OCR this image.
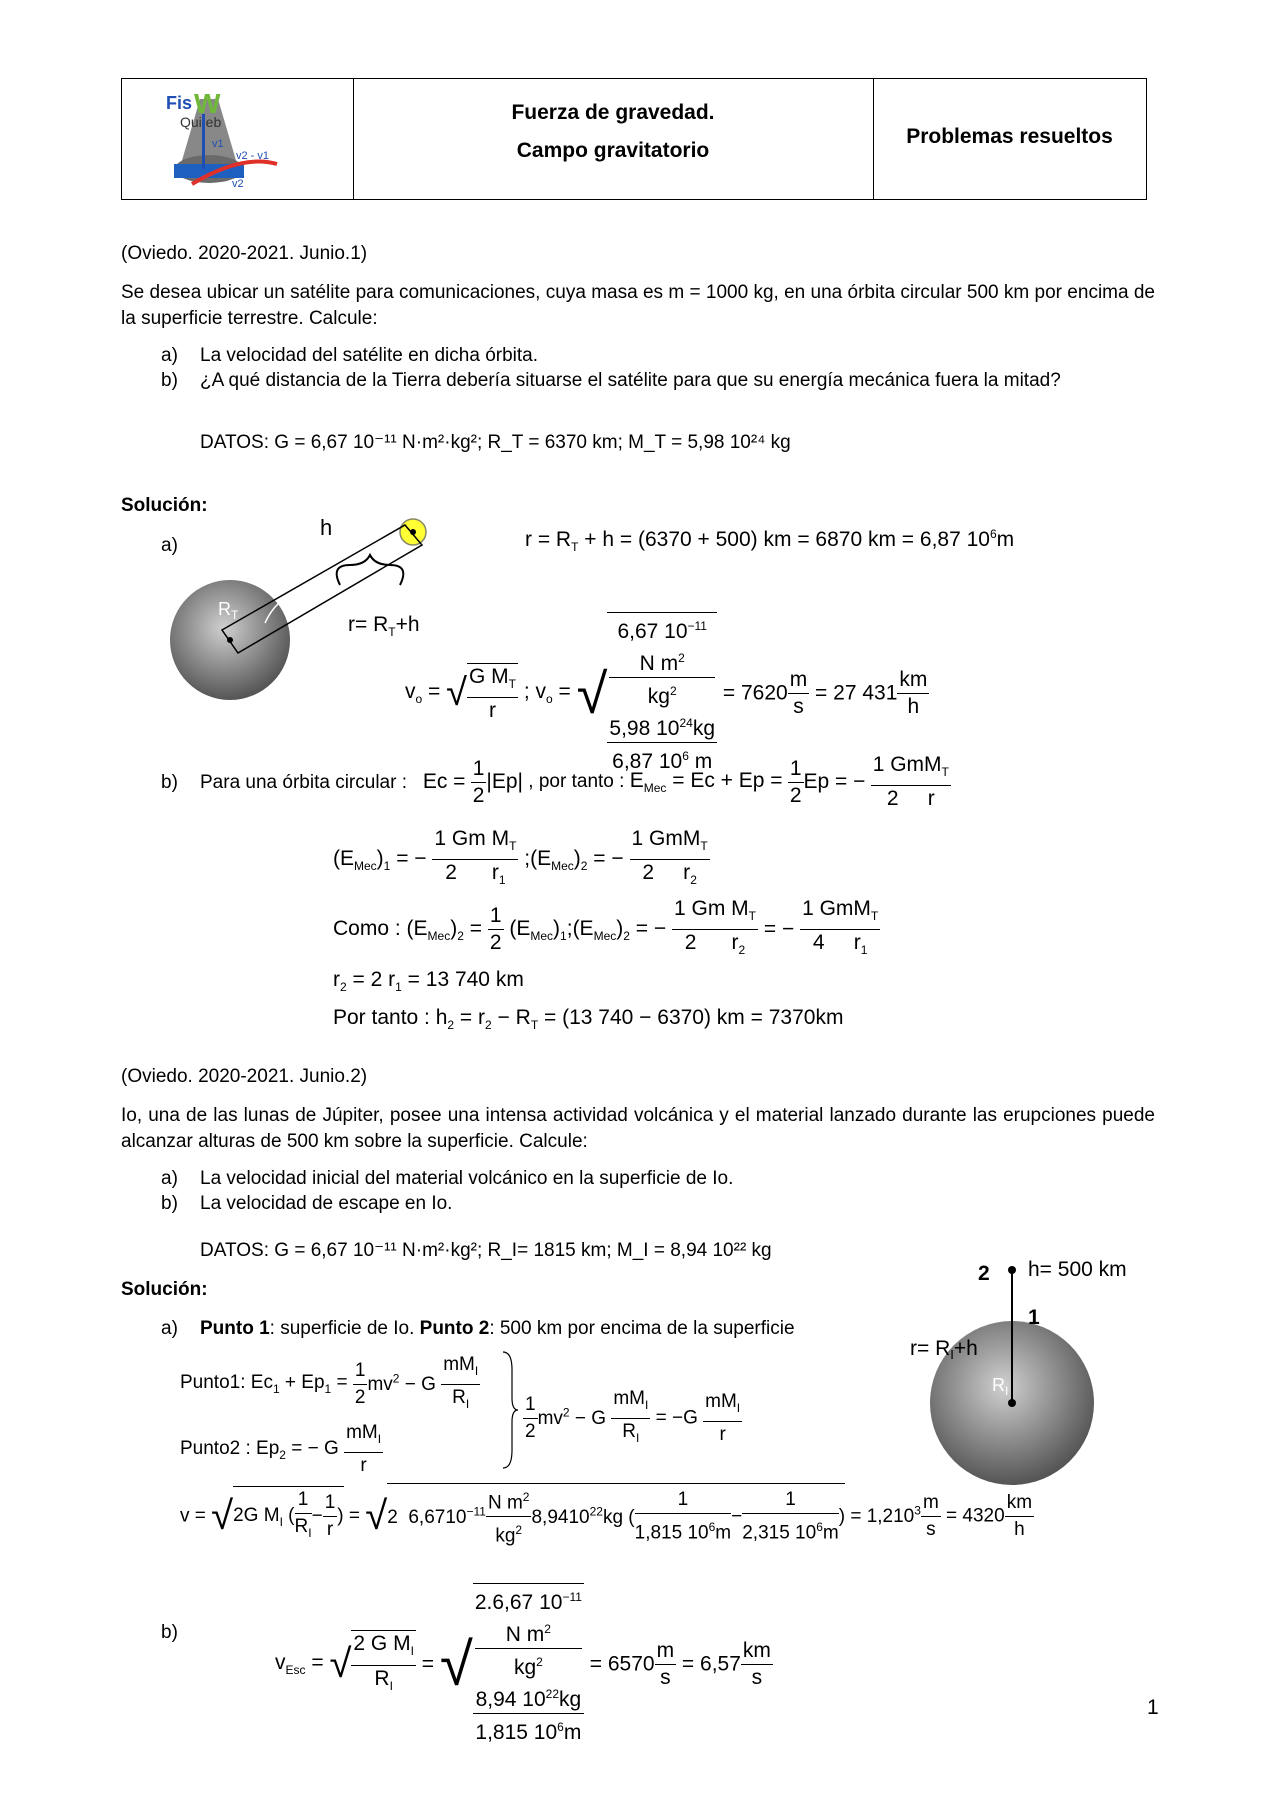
Fis W
Qui eb
v1
v2 - v1
v2
Fuerza de gravedad.
Campo gravitatorio
Problemas resueltos

(Oviedo. 2020-2021. Junio.1)

Se desea ubicar un satélite para comunicaciones, cuya masa es m = 1000 kg, en una órbita circular 500 km por encima de la superficie terrestre. Calcule:

a) La velocidad del satélite en dicha órbita.
b)	¿A qué distancia de la Tierra debería situarse el satélite para que su energía mecánica fuera la mitad?

DATOS: G = 6,67 10⁻¹¹ N·m²·kg²; R_T = 6370 km; M_T = 5,98 10²⁴ kg

Solución:

a)

h
$R_T$	$r= R_T+h$
$r = R_T + h = (6370 + 500)$ km = 6870 km = 6,87 $10^6m$
$v_o$ = √ $\frac{G M_T}{r}$ ; $v_o$ = √ 6,67 $10^{-11}$
N $m^2$
$kg^2$
5,98 $10^{24}kg$
6,87 $10^6$ $m = 7620 \frac{m}{s} = 27$ $431 \frac{km}{h}$

b) Para una órbita circular :   $Ec = \frac{1}{2} |Ep|$ , por tanto : $E_{Mec} = Ec + Ep = \frac{1}{2}$ Ep = − $\frac{1 GmM_T}{2 r}$
$(E_{Mec})_1$ = − $\frac{1 Gm M_T}{2 r_1}$ $;(E_{Mec})_2$ = − $\frac{1 GmM_T}{2 r_2}$
Como : $(E_{Mec})_2 = \frac{1}{2}$ $(E_{Mec})_1;(E_{Mec})_2$ = − $\frac{1 Gm M_T}{2 r_2}$ = − $\frac{1 GmM_T}{4 r_1}$
$r_2 = 2$ $r_1 = 13$ 740 km
Por tanto : $h_2 = r_2 - R_T = (13$ 740 − 6370) km = 7370km

(Oviedo. 2020-2021. Junio.2)

Io, una de las lunas de Júpiter, posee una intensa actividad volcánica y el material lanzado durante las erupciones puede alcanzar alturas de 500 km sobre la superficie. Calcule:

a) La velocidad inicial del material volcánico en la superficie de Io.
b) La velocidad de escape en Io.

DATOS: G = 6,67 10⁻¹¹ N·m²·kg²; R_I= 1815 km; M_I = 8,94 10²² kg

Solución:

a) Punto 1: superficie de Io. Punto 2: 500 km por encima de la superficie
2 h= 500 km
1
r= RI+h
$R_I$
Punto1: $Ec_1 + Ep_1 = \frac{1}{2} mv^2 - G \frac{mM_I}{R_I}$
Punto2 : $Ep_2$ = − G $\frac{mM_I}{r}$
$\frac{1}{2} mv^2 - G \frac{mM_I}{R_I} = -G \frac{mM_I}{r}$
v = √2G $M_I$ ( $\frac{1}{R_I} - \frac{1}{r}$ ) = √2  $6,6710^{-11} \frac{N m^2}{kg^2} 8,9410^{22}kg$ ( $\frac{1}{1,815 10^6m} - \frac{1}{2,315 10^6m}$ ) = $1,210^3 \frac{m}{s} = 4320 \frac{km}{h}$

b)

$v_{Esc}$ = √ $\frac{2 G M_I}{R_I}$ = √ 2.6,67 $10^{-11}$
N $m^2$
$kg^2$
8,94 $10^{22}kg$
1,815 $10^6m = 6570 \frac{m}{s} = 6,57 \frac{km}{s}$

1
